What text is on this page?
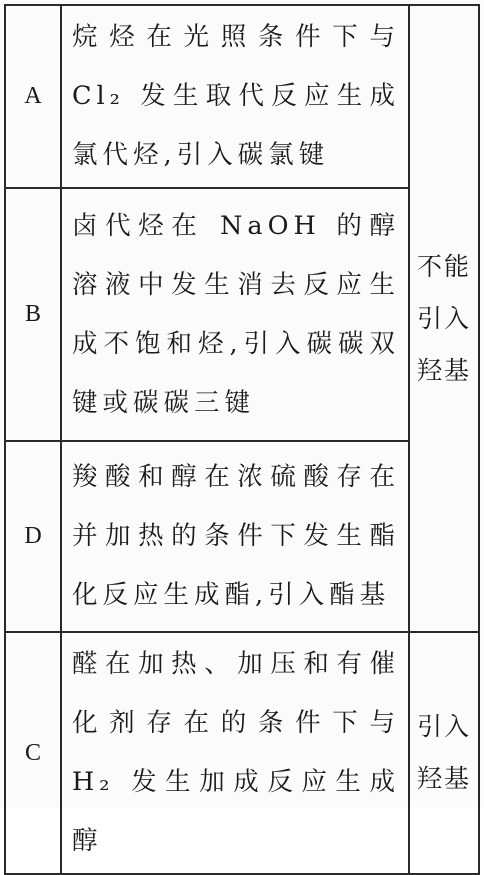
A	烷烃在光照条件下与 Cl₂ 发生取代反应生成氯代烃,引入碳氯键	不能引入羟基
B	卤代烃在 NaOH 的醇溶液中发生消去反应生成不饱和烃,引入碳碳双键或碳碳三键	
D	羧酸和醇在浓硫酸存在并加热的条件下发生酯化反应生成酯,引入酯基	
C	醛在加热、加压和有催化剂存在的条件下与 H₂ 发生加成反应生成醇	引入羟基
